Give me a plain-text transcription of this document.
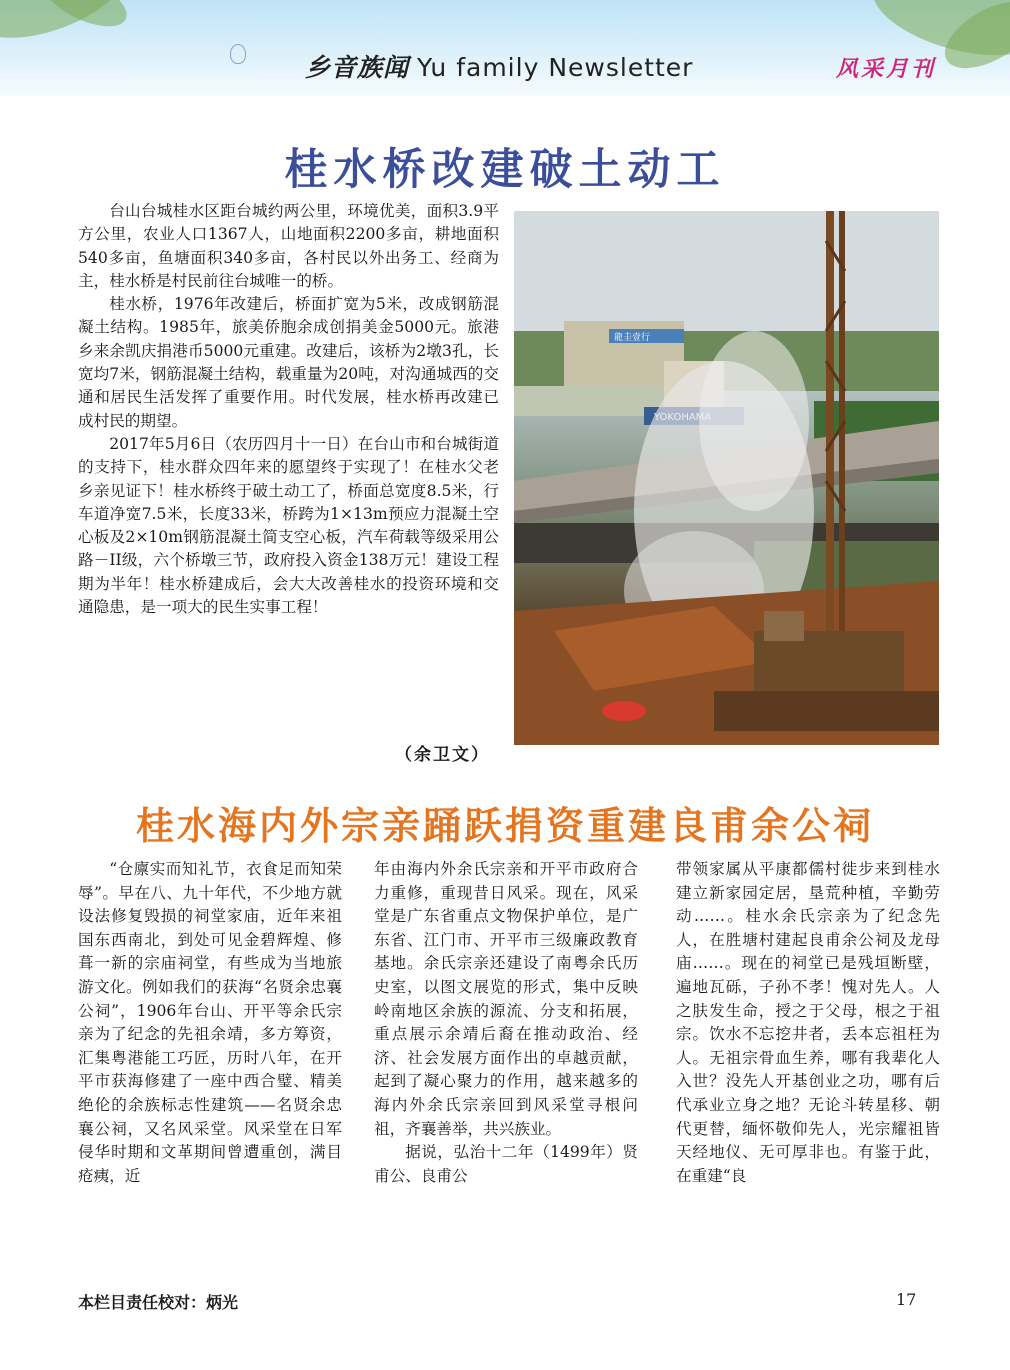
乡音族闻 Yu family Newsletter	风采月刊
桂水桥改建破土动工

台山台城桂水区距台城约两公里，环境优美，面积3.9平方公里，农业人口1367人，山地面积2200多亩，耕地面积540多亩，鱼塘面积340多亩，各村民以外出务工、经商为主，桂水桥是村民前往台城唯一的桥。

桂水桥，1976年改建后，桥面扩宽为5米，改成钢筋混凝土结构。1985年，旅美侨胞余成创捐美金5000元。旅港乡来余凯庆捐港币5000元重建。改建后，该桥为2墩3孔，长宽均7米，钢筋混凝土结构，载重量为20吨，对沟通城西的交通和居民生活发挥了重要作用。时代发展，桂水桥再改建已成村民的期望。

2017年5月6日（农历四月十一日）在台山市和台城街道的支持下，桂水群众四年来的愿望终于实现了！在桂水父老乡亲见证下！桂水桥终于破土动工了，桥面总宽度8.5米，行车道净宽7.5米，长度33米，桥跨为1×13m预应力混凝土空心板及2×10m钢筋混凝土简支空心板，汽车荷载等级采用公路－II级，六个桥墩三节，政府投入资金138万元！建设工程期为半年！桂水桥建成后，会大大改善桂水的投资环境和交通隐患，是一项大的民生实事工程！

（余卫文）
龍圭壹行
桂水海内外宗亲踊跃捐资重建良甫余公祠

“仓廪实而知礼节，衣食足而知荣辱”。早在八、九十年代，不少地方就设法修复毁损的祠堂家庙，近年来祖国东西南北，到处可见金碧辉煌、修葺一新的宗庙祠堂，有些成为当地旅游文化。例如我们的获海“名贤余忠襄公祠”，1906年台山、开平等余氏宗亲为了纪念的先祖余靖，多方筹资，汇集粤港能工巧匠，历时八年，在开平市获海修建了一座中西合璧、精美绝伦的余族标志性建筑——名贤余忠襄公祠，又名风采堂。风采堂在日军侵华时期和文革期间曾遭重创，满目疮痍，近

年由海内外余氏宗亲和开平市政府合力重修，重现昔日风采。现在，风采堂是广东省重点文物保护单位，是广东省、江门市、开平市三级廉政教育基地。余氏宗亲还建设了南粤余氏历史室，以图文展览的形式，集中反映岭南地区余族的源流、分支和拓展，重点展示余靖后裔在推动政治、经济、社会发展方面作出的卓越贡献，起到了凝心聚力的作用，越来越多的海内外余氏宗亲回到风采堂寻根问祖，齐襄善举，共兴族业。

据说，弘治十二年（1499年）贤甫公、良甫公

带领家属从平康都儒村徙步来到桂水建立新家园定居，垦荒种植，辛勤劳动……。桂水余氏宗亲为了纪念先人，在胜塘村建起良甫余公祠及龙母庙……。现在的祠堂已是残垣断壁，遍地瓦砾，子孙不孝！愧对先人。人之肤发生命，授之于父母，根之于祖宗。饮水不忘挖井者，丢本忘祖枉为人。无祖宗骨血生养，哪有我辈化人入世？没先人开基创业之功，哪有后代承业立身之地？无论斗转星移、朝代更替，缅怀敬仰先人，光宗耀祖皆天经地仪、无可厚非也。有鉴于此，在重建“良

本栏目责任校对：炳光	17
